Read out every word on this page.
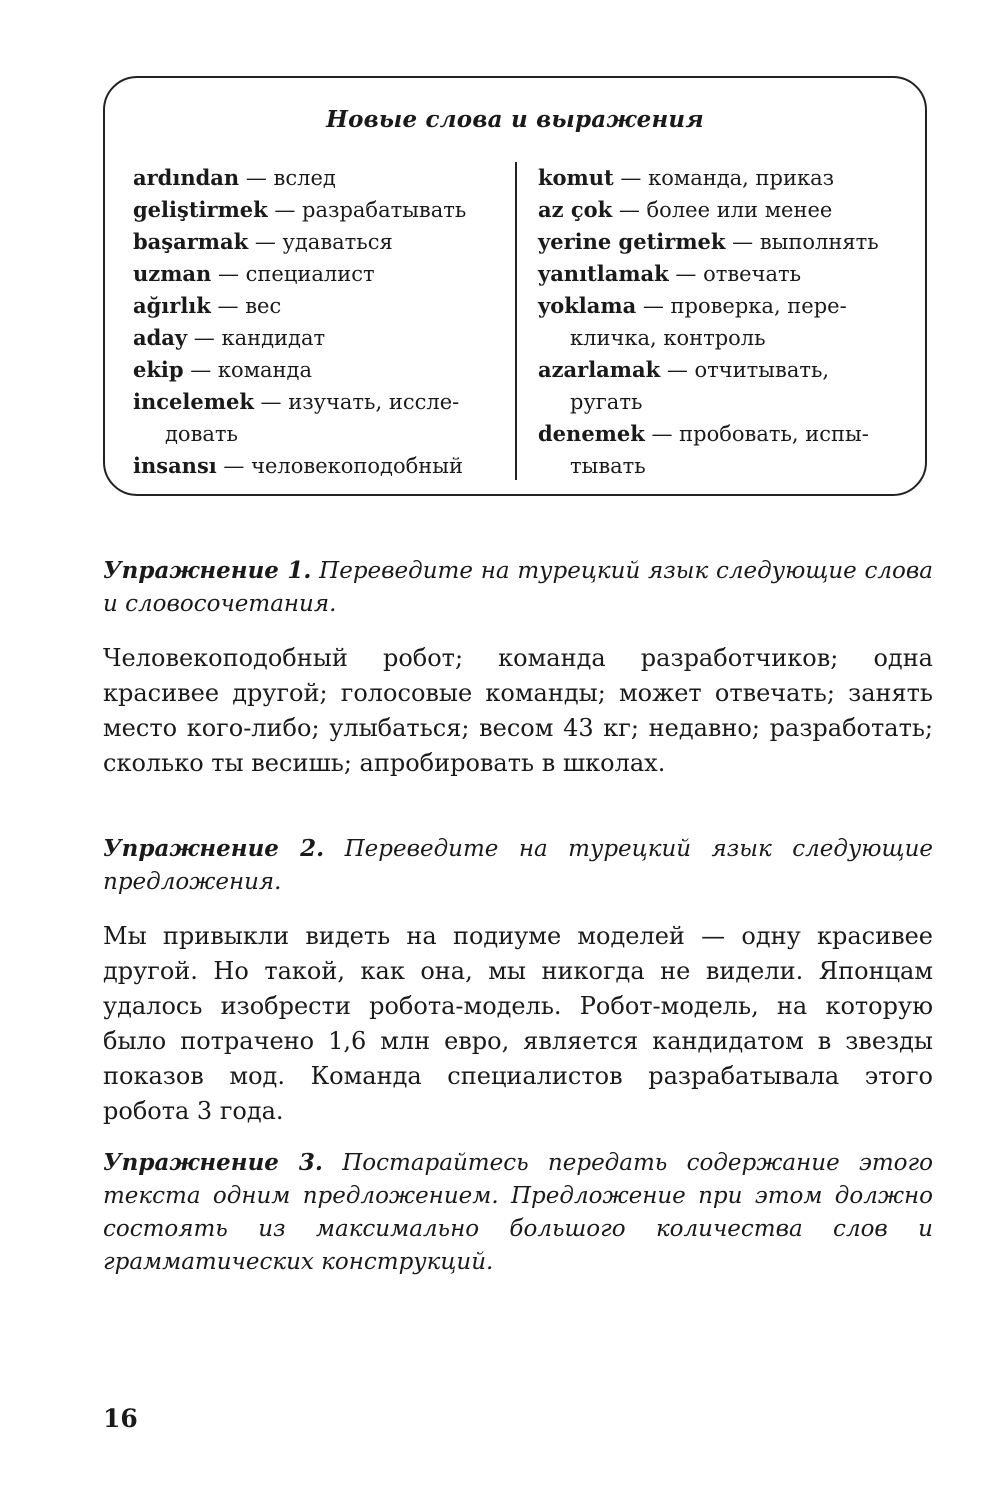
Новые слова и выражения
ardından — вслед
geliştirmek — разрабатывать
başarmak — удаваться
uzman — специалист
ağırlık — вес
aday — кандидат
ekip — команда
incelemek — изучать, иссле-
довать
insansı — человекоподобный
komut — команда, приказ
az çok — более или менее
yerine getirmek — выполнять
yanıtlamak — отвечать
yoklama — проверка, пере-
кличка, контроль
azarlamak — отчитывать,
ругать
denemek — пробовать, испы-
тывать

Упражнение 1. Переведите на турецкий язык следующие слова и словосочетания.

Человекоподобный робот; команда разработчиков; одна красивее другой; голосовые команды; может отвечать; занять место кого-либо; улыбаться; весом 43 кг; недавно; разработать; сколько ты весишь; апробировать в школах.

Упражнение 2. Переведите на турецкий язык следующие предложения.

Мы привыкли видеть на подиуме моделей — одну красивее другой. Но такой, как она, мы никогда не видели. Японцам удалось изобрести робота-модель. Робот-модель, на которую было потрачено 1,6 млн евро, является кандидатом в звезды показов мод. Команда специалистов разрабатывала этого робота 3 года.

Упражнение 3. Постарайтесь передать содержание этого текста одним предложением. Предложение при этом должно состоять из максимально большого количества слов и грамматических конструкций.

16
